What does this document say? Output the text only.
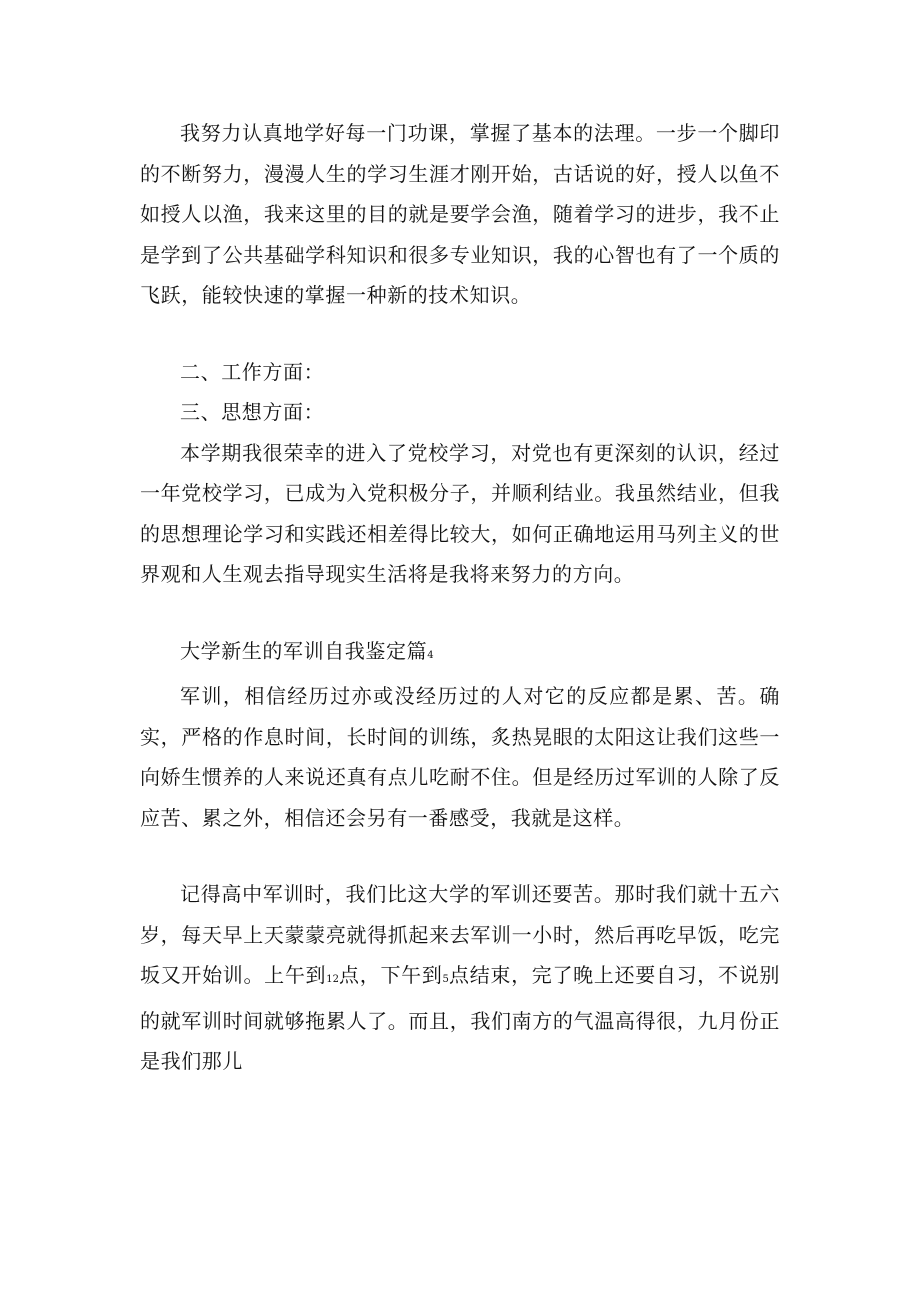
我努力认真地学好每一门功课，掌握了基本的法理。一步一个脚印的不断努力，漫漫人生的学习生涯才刚开始，古话说的好，授人以鱼不如授人以渔，我来这里的目的就是要学会渔，随着学习的进步，我不止是学到了公共基础学科知识和很多专业知识，我的心智也有了一个质的飞跃，能较快速的掌握一种新的技术知识。

二、工作方面：

三、思想方面：

本学期我很荣幸的进入了党校学习，对党也有更深刻的认识，经过一年党校学习，已成为入党积极分子，并顺利结业。我虽然结业，但我的思想理论学习和实践还相差得比较大，如何正确地运用马列主义的世界观和人生观去指导现实生活将是我将来努力的方向。

大学新生的军训自我鉴定篇4

军训，相信经历过亦或没经历过的人对它的反应都是累、苦。确实，严格的作息时间，长时间的训练，炙热晃眼的太阳这让我们这些一向娇生惯养的人来说还真有点儿吃耐不住。但是经历过军训的人除了反应苦、累之外，相信还会另有一番感受，我就是这样。

记得高中军训时，我们比这大学的军训还要苦。那时我们就十五六岁，每天早上天蒙蒙亮就得抓起来去军训一小时，然后再吃早饭，吃完坂又开始训。上午到12点，下午到5点结束，完了晚上还要自习，不说别的就军训时间就够拖累人了。而且，我们南方的气温高得很，九月份正是我们那儿
